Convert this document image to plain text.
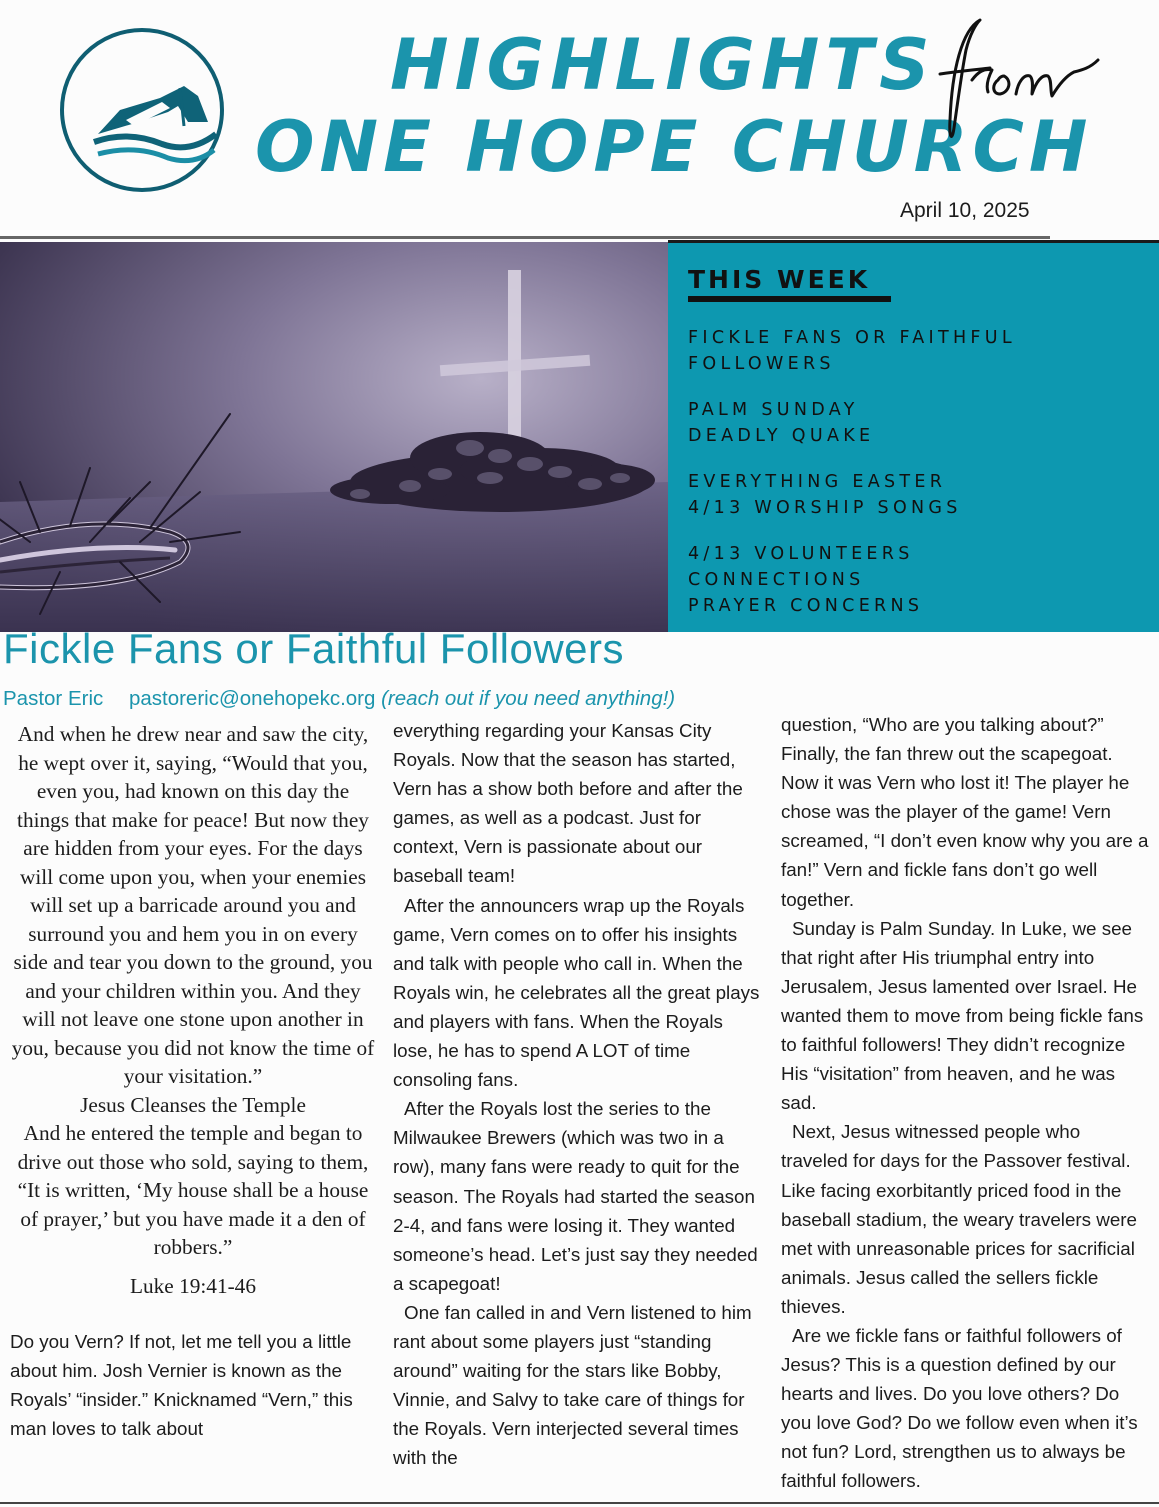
HIGHLIGHTS
ONE HOPE CHURCH
April 10, 2025
THIS WEEK
FICKLE FANS OR FAITHFUL
FOLLOWERS
PALM SUNDAY
DEADLY QUAKE
EVERYTHING EASTER
4/13 WORSHIP SONGS
4/13 VOLUNTEERS
CONNECTIONS
PRAYER CONCERNS
Fickle Fans or Faithful Followers
Pastor Eric pastoreric@onehopekc.org (reach out if you need anything!)

And when he drew near and saw the city, he wept over it, saying, “Would that you, even you, had known on this day the things that make for peace! But now they are hidden from your eyes. For the days will come upon you, when your enemies will set up a barricade around you and surround you and hem you in on every side and tear you down to the ground, you and your children within you. And they will not leave one stone upon another in you, because you did not know the time of your visitation.”

Jesus Cleanses the Temple

And he entered the temple and began to drive out those who sold, saying to them, “It is written, ‘My house shall be a house of prayer,’ but you have made it a den of robbers.”

Luke 19:41-46

Do you Vern? If not, let me tell you a little about him. Josh Vernier is known as the Royals’ “insider.” Knicknamed “Vern,” this man loves to talk about

everything regarding your Kansas City Royals. Now that the season has started, Vern has a show both before and after the games, as well as a podcast. Just for context, Vern is passionate about our baseball team!

After the announcers wrap up the Royals game, Vern comes on to offer his insights and talk with people who call in. When the Royals win, he celebrates all the great plays and players with fans. When the Royals lose, he has to spend A LOT of time consoling fans.

After the Royals lost the series to the Milwaukee Brewers (which was two in a row), many fans were ready to quit for the season. The Royals had started the season 2-4, and fans were losing it. They wanted someone’s head. Let’s just say they needed a scapegoat!

One fan called in and Vern listened to him rant about some players just “standing around” waiting for the stars like Bobby, Vinnie, and Salvy to take care of things for the Royals. Vern interjected several times with the

question, “Who are you talking about?” Finally, the fan threw out the scapegoat. Now it was Vern who lost it! The player he chose was the player of the game! Vern screamed, “I don’t even know why you are a fan!” Vern and fickle fans don’t go well together.

Sunday is Palm Sunday. In Luke, we see that right after His triumphal entry into Jerusalem, Jesus lamented over Israel. He wanted them to move from being fickle fans to faithful followers! They didn’t recognize His “visitation” from heaven, and he was sad.

Next, Jesus witnessed people who traveled for days for the Passover festival. Like facing exorbitantly priced food in the baseball stadium, the weary travelers were met with unreasonable prices for sacrificial animals. Jesus called the sellers fickle thieves.

Are we fickle fans or faithful followers of Jesus? This is a question defined by our hearts and lives. Do you love others? Do you love God? Do we follow even when it’s not fun? Lord, strengthen us to always be faithful followers.
